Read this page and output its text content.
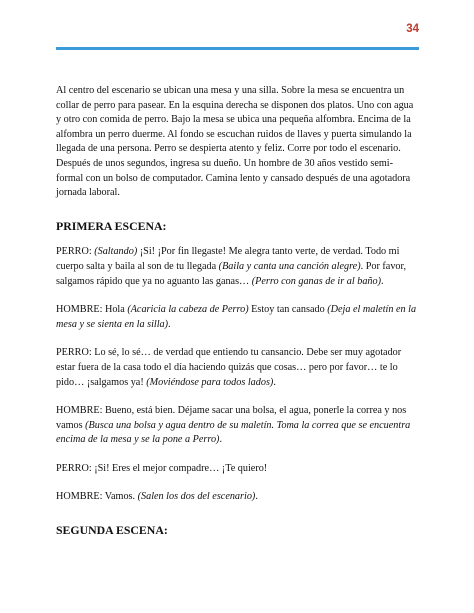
34

Al centro del escenario se ubican una mesa y una silla. Sobre la mesa se encuentra un collar de perro para pasear. En la esquina derecha se disponen dos platos. Uno con agua y otro con comida de perro. Bajo la mesa se ubica una pequeña alfombra. Encima de la alfombra un perro duerme. Al fondo se escuchan ruidos de llaves y puerta simulando la llegada de una persona. Perro se despierta atento y feliz. Corre por todo el escenario. Después de unos segundos, ingresa su dueño. Un hombre de 30 años vestido semi-formal con un bolso de computador. Camina lento y cansado después de una agotadora jornada laboral.

PRIMERA ESCENA:

PERRO: (Saltando) ¡Si! ¡Por fin llegaste! Me alegra tanto verte, de verdad. Todo mi cuerpo salta y baila al son de tu llegada (Baila y canta una canción alegre). Por favor, salgamos rápido que ya no aguanto las ganas… (Perro con ganas de ir al baño).

HOMBRE: Hola (Acaricia la cabeza de Perro) Estoy tan cansado (Deja el maletín en la mesa y se sienta en la silla).

PERRO: Lo sé, lo sé… de verdad que entiendo tu cansancio. Debe ser muy agotador estar fuera de la casa todo el día haciendo quizás que cosas… pero por favor… te lo pido… ¡salgamos ya! (Moviéndose para todos lados).

HOMBRE: Bueno, está bien. Déjame sacar una bolsa, el agua, ponerle la correa y nos vamos (Busca una bolsa y agua dentro de su maletín. Toma la correa que se encuentra encima de la mesa y se la pone a Perro).

PERRO: ¡Si! Eres el mejor compadre… ¡Te quiero!

HOMBRE: Vamos. (Salen los dos del escenario).

SEGUNDA ESCENA:
